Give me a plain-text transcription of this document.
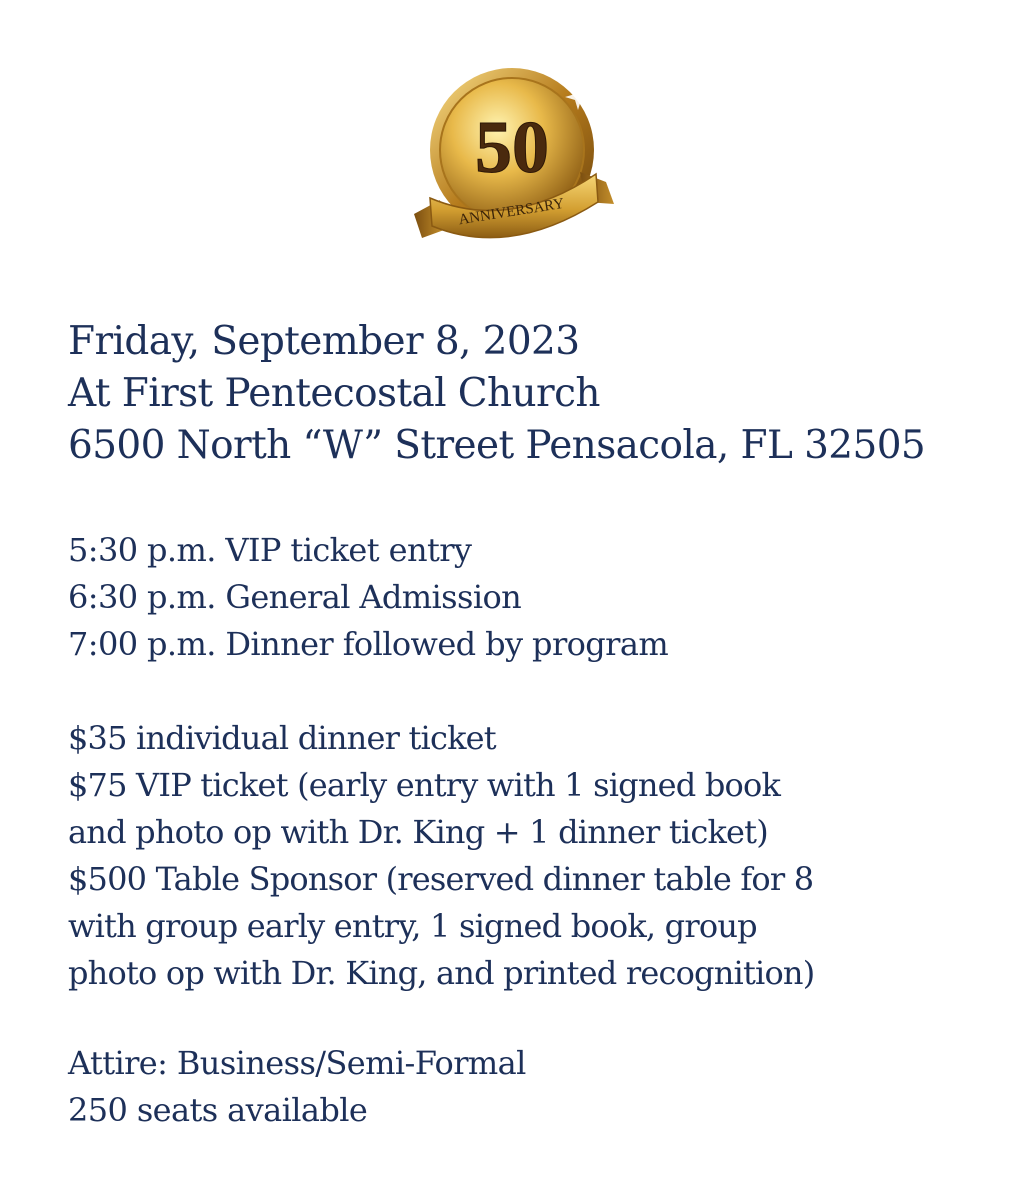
50
ANNIVERSARY
Friday, September 8, 2023
At First Pentecostal Church
6500 North “W” Street Pensacola, FL 32505
5:30 p.m. VIP ticket entry
6:30 p.m. General Admission
7:00 p.m. Dinner followed by program
$35 individual dinner ticket
$75 VIP ticket (early entry with 1 signed book
and photo op with Dr. King + 1 dinner ticket)
$500 Table Sponsor (reserved dinner table for 8
with group early entry, 1 signed book, group
photo op with Dr. King, and printed recognition)
Attire: Business/Semi-Formal
250 seats available
